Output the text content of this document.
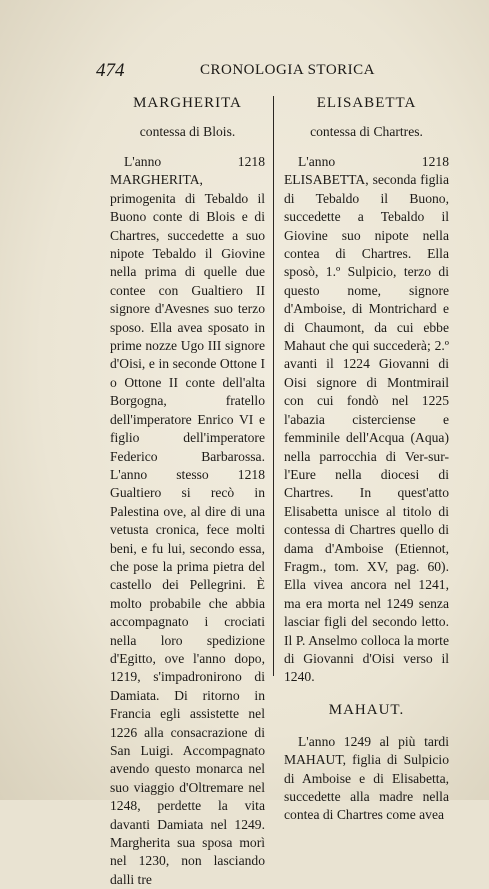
474	CRONOLOGIA STORICA
MARGHERITA
contessa di Blois.
L'anno 1218 MARGHERITA, primogenita di Tebaldo il Buono conte di Blois e di Chartres, succedette a suo nipote Tebaldo il Giovine nella prima di quelle due contee con Gualtiero II signore d'Avesnes suo terzo sposo. Ella avea sposato in prime nozze Ugo III signore d'Oisi, e in seconde Ottone I o Ottone II conte dell'alta Borgogna, fratello dell'imperatore Enrico VI e figlio dell'imperatore Federico Barbarossa. L'anno stesso 1218 Gualtiero si recò in Palestina ove, al dire di una vetusta cronica, fece molti beni, e fu lui, secondo essa, che pose la prima pietra del castello dei Pellegrini. È molto probabile che abbia accompagnato i crociati nella loro spedizione d'Egitto, ove l'anno dopo, 1219, s'impadronirono di Damiata. Di ritorno in Francia egli assistette nel 1226 alla consacrazione di San Luigi. Accompagnato avendo questo monarca nel suo viaggio d'Oltremare nel 1248, perdette la vita davanti Damiata nel 1249. Margherita sua sposa morì nel 1230, non lasciando dalli tre
ELISABETTA
contessa di Chartres.
L'anno 1218 ELISABETTA, seconda figlia di Tebaldo il Buono, succedette a Tebaldo il Giovine suo nipote nella contea di Chartres. Ella sposò, 1.º Sulpicio, terzo di questo nome, signore d'Amboise, di Montrichard e di Chaumont, da cui ebbe Mahaut che qui succederà; 2.º avanti il 1224 Giovanni di Oisi signore di Montmirail con cui fondò nel 1225 l'abazia cisterciense e femminile dell'Acqua (Aqua) nella parrocchia di Ver-sur-l'Eure nella diocesi di Chartres. In quest'atto Elisabetta unisce al titolo di contessa di Chartres quello di dama d'Amboise (Etiennot, Fragm., tom. XV, pag. 60). Ella vivea ancora nel 1241, ma era morta nel 1249 senza lasciar figli del secondo letto. Il P. Anselmo colloca la morte di Giovanni d'Oisi verso il 1240.
MAHAUT.
L'anno 1249 al più tardi MAHAUT, figlia di Sulpicio di Amboise e di Elisabetta, succedette alla madre nella contea di Chartres come avea
